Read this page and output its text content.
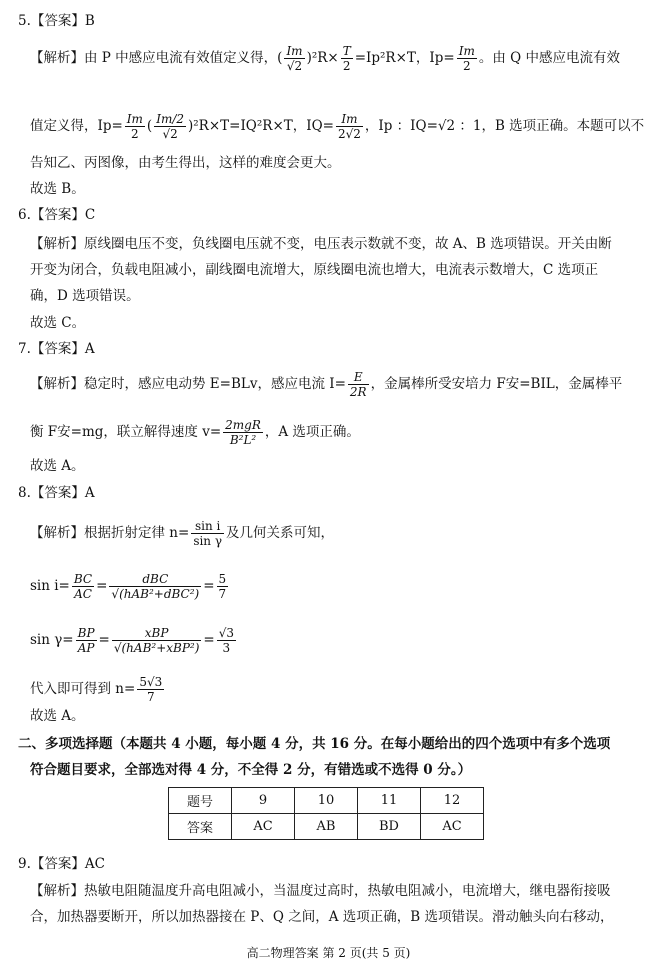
5.【答案】B
【解析】由 P 中感应电流有效值定义得，( $\frac{Im}{√2} )^2R\times \frac{T}{2} =Ip^2R\times T$，$Ip= \frac{Im}{2}$ 。由 Q 中感应电流有效
值定义得，$Ip= \frac{Im}{2}$ ( $\frac{Im/2}{√2} )^2R\times T=IQ^2R\times T$，$IQ= \frac{Im}{2√2}$ ，Ip ：IQ=√2 ：1，B 选项正确。本题可以不
告知乙、丙图像，由考生得出，这样的难度会更大。
故选 B。
6.【答案】C
【解析】原线圈电压不变，负线圈电压就不变，电压表示数就不变，故 A、B 选项错误。开关由断
开变为闭合，负载电阻减小，副线圈电流增大，原线圈电流也增大，电流表示数增大，C 选项正
确，D 选项错误。
故选 C。
7.【答案】A
【解析】稳定时，感应电动势 E=BLv，感应电流 $I= \frac{E}{2R}$ ，金属棒所受安培力 F安=BIL，金属棒平
衡 F安=mg，联立解得速度 $v= \frac{\text{2mgR}}{\text{B²L²}}$ ，A 选项正确。
故选 A。
8.【答案】A
【解析】根据折射定律 $n= \frac{\text{sin i}}{\text{sin γ}}$ 及几何关系可知，
$\sin i= \frac{BC}{AC} = \frac{\text{dBC}}{\text{√(hAB²+dBC²)}} = \frac{5}{7}$
$\sin \gamma= \frac{BP}{AP} = \frac{\text{xBP}}{\text{√(hAB²+xBP²)}} = \frac{√3}{3}$
代入即可得到 $n= \frac{5√3}{7}$
故选 A。
二、多项选择题（本题共 4 小题，每小题 4 分，共 16 分。在每小题给出的四个选项中有多个选项
符合题目要求，全部选对得 4 分，不全得 2 分，有错选或不选得 0 分。）
题号	9	10	11	12
答案	AC	AB	BD	AC
9.【答案】AC
【解析】热敏电阻随温度升高电阻减小，当温度过高时，热敏电阻减小，电流增大，继电器衔接吸
合，加热器要断开，所以加热器接在 P、Q 之间，A 选项正确，B 选项错误。滑动触头向右移动，
高二物理答案 第 2 页(共 5 页)
